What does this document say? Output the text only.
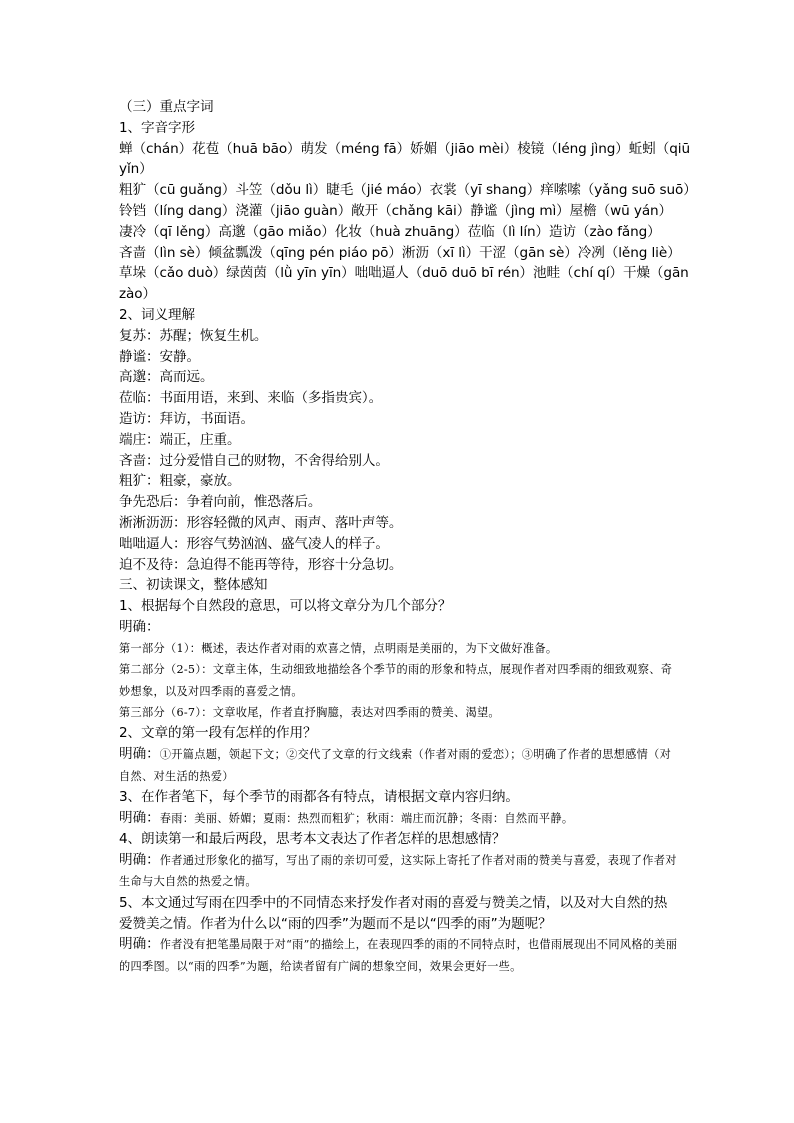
（三）重点字词
1、字音字形
蝉（chán）花苞（huā bāo）萌发（méng fā）娇媚（jiāo mèi）棱镜（léng jìng）蚯蚓（qiū
yǐn）
粗犷（cū guǎng）斗笠（dǒu lì）睫毛（jié máo）衣裳（yī shang）痒嗦嗦（yǎng suō suō）
铃铛（líng dang）浇灌（jiāo guàn）敞开（chǎng kāi）静谧（jìng mì）屋檐（wū yán）
凄冷（qī lěng）高邈（gāo miǎo）化妆（huà zhuāng）莅临（lì lín）造访（zào fǎng）
吝啬（lìn sè）倾盆瓢泼（qīng pén piáo pō）淅沥（xī lì）干涩（gān sè）冷冽（lěng liè）
草垛（cǎo duò）绿茵茵（lǜ yīn yīn）咄咄逼人（duō duō bī rén）池畦（chí qí）干燥（gān
zào）
2、词义理解
复苏：苏醒；恢复生机。
静谧：安静。
高邈：高而远。
莅临：书面用语，来到、来临（多指贵宾）。
造访：拜访，书面语。
端庄：端正，庄重。
吝啬：过分爱惜自己的财物，不舍得给别人。
粗犷：粗豪，豪放。
争先恐后：争着向前，惟恐落后。
淅淅沥沥：形容轻微的风声、雨声、落叶声等。
咄咄逼人：形容气势汹汹、盛气凌人的样子。
迫不及待：急迫得不能再等待，形容十分急切。
三、初读课文，整体感知
1、根据每个自然段的意思，可以将文章分为几个部分？
明确：
第一部分（1）：概述，表达作者对雨的欢喜之情，点明雨是美丽的，为下文做好准备。
第二部分（2-5）：文章主体，生动细致地描绘各个季节的雨的形象和特点，展现作者对四季雨的细致观察、奇妙想象，以及对四季雨的喜爱之情。
第三部分（6-7）：文章收尾，作者直抒胸臆，表达对四季雨的赞美、渴望。
2、文章的第一段有怎样的作用？
明确：①开篇点题，领起下文；②交代了文章的行文线索（作者对雨的爱恋）；③明确了作者的思想感情（对自然、对生活的热爱）
3、在作者笔下，每个季节的雨都各有特点，请根据文章内容归纳。
明确：春雨：美丽、娇媚；夏雨：热烈而粗犷；秋雨：端庄而沉静；冬雨：自然而平静。
4、朗读第一和最后两段，思考本文表达了作者怎样的思想感情？
明确：作者通过形象化的描写，写出了雨的亲切可爱，这实际上寄托了作者对雨的赞美与喜爱，表现了作者对生命与大自然的热爱之情。
5、本文通过写雨在四季中的不同情态来抒发作者对雨的喜爱与赞美之情，以及对大自然的热爱赞美之情。作者为什么以“雨的四季”为题而不是以“四季的雨”为题呢？
明确：作者没有把笔墨局限于对“雨”的描绘上，在表现四季的雨的不同特点时，也借雨展现出不同风格的美丽的四季图。以“雨的四季”为题，给读者留有广阔的想象空间，效果会更好一些。
